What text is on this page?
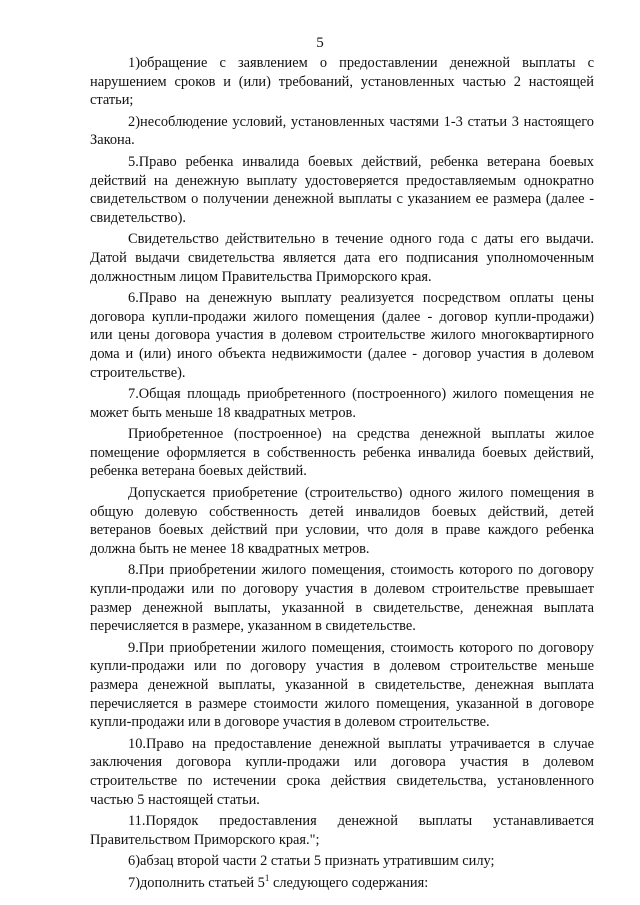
5

1)обращение с заявлением о предоставлении денежной выплаты с нарушением сроков и (или) требований, установленных частью 2 настоящей статьи;

2)несоблюдение условий, установленных частями 1-3 статьи 3 настоящего Закона.

5.Право ребенка инвалида боевых действий, ребенка ветерана боевых действий на денежную выплату удостоверяется предоставляемым однократно свидетельством о получении денежной выплаты с указанием ее размера (далее - свидетельство).

Свидетельство действительно в течение одного года с даты его выдачи. Датой выдачи свидетельства является дата его подписания уполномоченным должностным лицом Правительства Приморского края.

6.Право на денежную выплату реализуется посредством оплаты цены договора купли-продажи жилого помещения (далее - договор купли-продажи) или цены договора участия в долевом строительстве жилого многоквартирного дома и (или) иного объекта недвижимости (далее - договор участия в долевом строительстве).

7.Общая площадь приобретенного (построенного) жилого помещения не может быть меньше 18 квадратных метров.

Приобретенное (построенное) на средства денежной выплаты жилое помещение оформляется в собственность ребенка инвалида боевых действий, ребенка ветерана боевых действий.

Допускается приобретение (строительство) одного жилого помещения в общую долевую собственность детей инвалидов боевых действий, детей ветеранов боевых действий при условии, что доля в праве каждого ребенка должна быть не менее 18 квадратных метров.

8.При приобретении жилого помещения, стоимость которого по договору купли-продажи или по договору участия в долевом строительстве превышает размер денежной выплаты, указанной в свидетельстве, денежная выплата перечисляется в размере, указанном в свидетельстве.

9.При приобретении жилого помещения, стоимость которого по договору купли-продажи или по договору участия в долевом строительстве меньше размера денежной выплаты, указанной в свидетельстве, денежная выплата перечисляется в размере стоимости жилого помещения, указанной в договоре купли-продажи или в договоре участия в долевом строительстве.

10.Право на предоставление денежной выплаты утрачивается в случае заключения договора купли-продажи или договора участия в долевом строительстве по истечении срока действия свидетельства, установленного частью 5 настоящей статьи.

11.Порядок предоставления денежной выплаты устанавливается Правительством Приморского края.";

6)абзац второй части 2 статьи 5 признать утратившим силу;

7)дополнить статьей $5^1$ следующего содержания:
